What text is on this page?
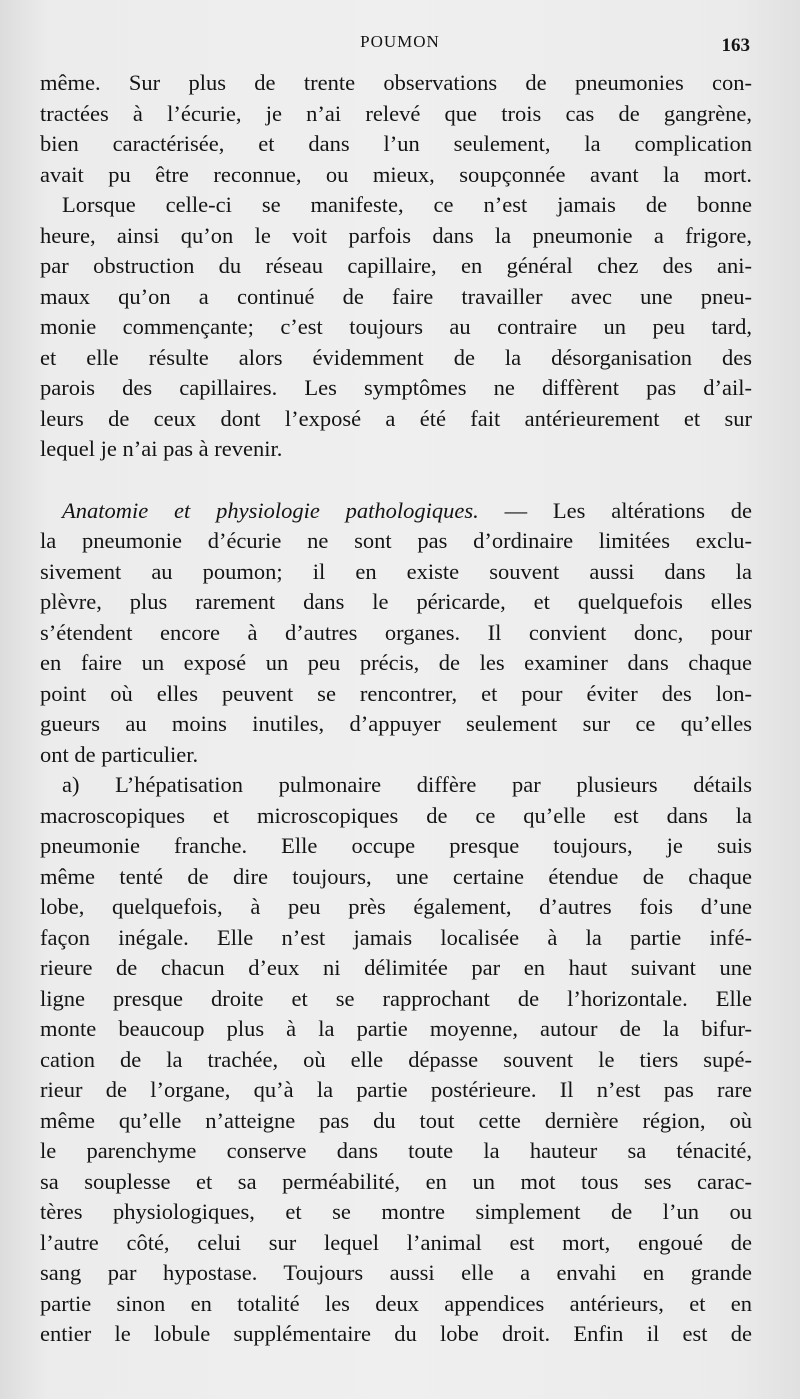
POUMON	163
même. Sur plus de trente observations de pneumonies con-
tractées à l’écurie, je n’ai relevé que trois cas de gangrène,
bien caractérisée, et dans l’un seulement, la complication
avait pu être reconnue, ou mieux, soupçonnée avant la mort.
Lorsque celle-ci se manifeste, ce n’est jamais de bonne
heure, ainsi qu’on le voit parfois dans la pneumonie a frigore,
par obstruction du réseau capillaire, en général chez des ani-
maux qu’on a continué de faire travailler avec une pneu-
monie commençante; c’est toujours au contraire un peu tard,
et elle résulte alors évidemment de la désorganisation des
parois des capillaires. Les symptômes ne diffèrent pas d’ail-
leurs de ceux dont l’exposé a été fait antérieurement et sur
lequel je n’ai pas à revenir.
Anatomie et physiologie pathologiques. — Les altérations de
la pneumonie d’écurie ne sont pas d’ordinaire limitées exclu-
sivement au poumon; il en existe souvent aussi dans la
plèvre, plus rarement dans le péricarde, et quelquefois elles
s’étendent encore à d’autres organes. Il convient donc, pour
en faire un exposé un peu précis, de les examiner dans chaque
point où elles peuvent se rencontrer, et pour éviter des lon-
gueurs au moins inutiles, d’appuyer seulement sur ce qu’elles
ont de particulier.
a) L’hépatisation pulmonaire diffère par plusieurs détails
macroscopiques et microscopiques de ce qu’elle est dans la
pneumonie franche. Elle occupe presque toujours, je suis
même tenté de dire toujours, une certaine étendue de chaque
lobe, quelquefois, à peu près également, d’autres fois d’une
façon inégale. Elle n’est jamais localisée à la partie infé-
rieure de chacun d’eux ni délimitée par en haut suivant une
ligne presque droite et se rapprochant de l’horizontale. Elle
monte beaucoup plus à la partie moyenne, autour de la bifur-
cation de la trachée, où elle dépasse souvent le tiers supé-
rieur de l’organe, qu’à la partie postérieure. Il n’est pas rare
même qu’elle n’atteigne pas du tout cette dernière région, où
le parenchyme conserve dans toute la hauteur sa ténacité,
sa souplesse et sa perméabilité, en un mot tous ses carac-
tères physiologiques, et se montre simplement de l’un ou
l’autre côté, celui sur lequel l’animal est mort, engoué de
sang par hypostase. Toujours aussi elle a envahi en grande
partie sinon en totalité les deux appendices antérieurs, et en
entier le lobule supplémentaire du lobe droit. Enfin il est de
